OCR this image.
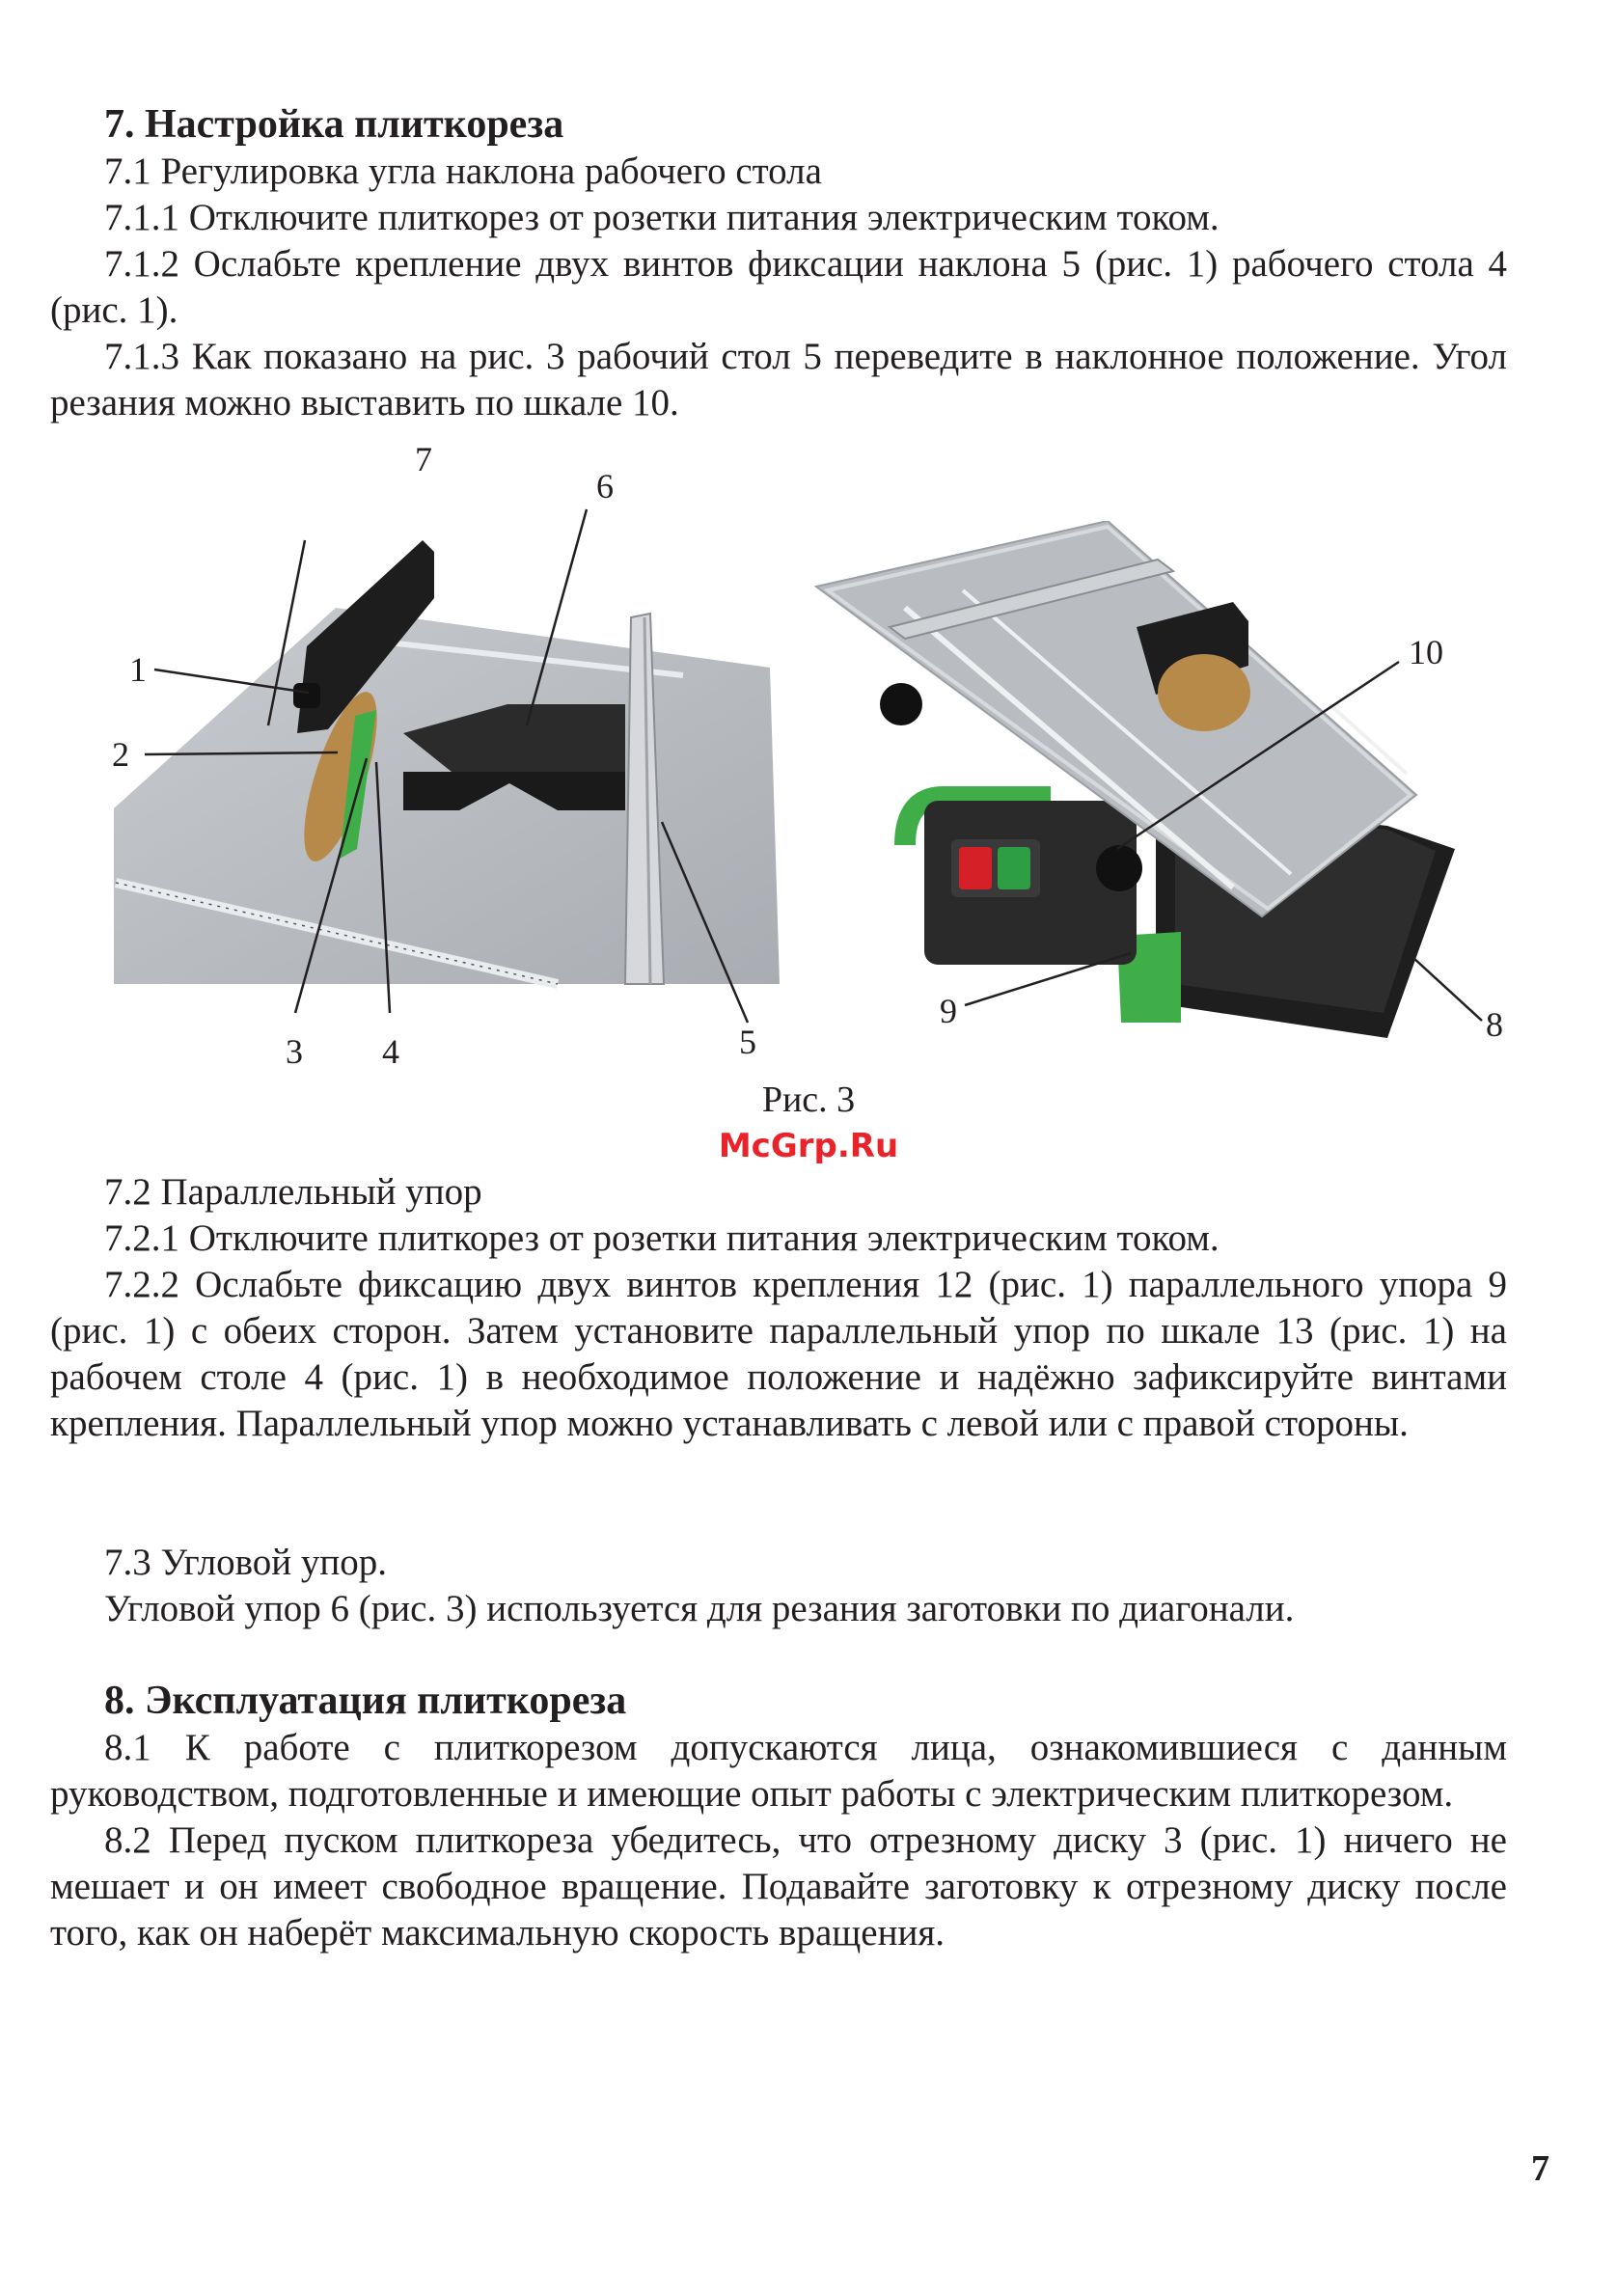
7. Настройка плиткореза

7.1 Регулировка угла наклона рабочего стола

7.1.1 Отключите плиткорез от розетки питания электрическим током.

7.1.2 Ослабьте крепление двух винтов фиксации наклона 5 (рис. 1) рабочего стола 4 (рис. 1).

7.1.3 Как показано на рис. 3 рабочий стол 5 переведите в наклонное положение. Угол резания можно выставить по шкале 10.

1
2
3 4	5
6
7
10
9	8
Рис. 3
McGrp.Ru

7.2 Параллельный упор

7.2.1 Отключите плиткорез от розетки питания электрическим током.

7.2.2 Ослабьте фиксацию двух винтов крепления 12 (рис. 1) параллельного упора 9 (рис. 1) с обеих сторон. Затем установите параллельный упор по шкале 13 (рис. 1) на рабочем столе 4 (рис. 1) в необходимое положение и надёжно зафиксируйте винтами крепления. Параллельный упор можно устанавливать с левой или с правой стороны.

7.3 Угловой упор.

Угловой упор 6 (рис. 3) используется для резания заготовки по диагонали.

8. Эксплуатация плиткореза

8.1 К работе с плиткорезом допускаются лица, ознакомившиеся с данным руководством, подготовленные и имеющие опыт работы с электрическим плиткорезом.

8.2 Перед пуском плиткореза убедитесь, что отрезному диску 3 (рис. 1) ничего не мешает и он имеет свободное вращение. Подавайте заготовку к отрезному диску после того, как он наберёт максимальную скорость вращения.

7
